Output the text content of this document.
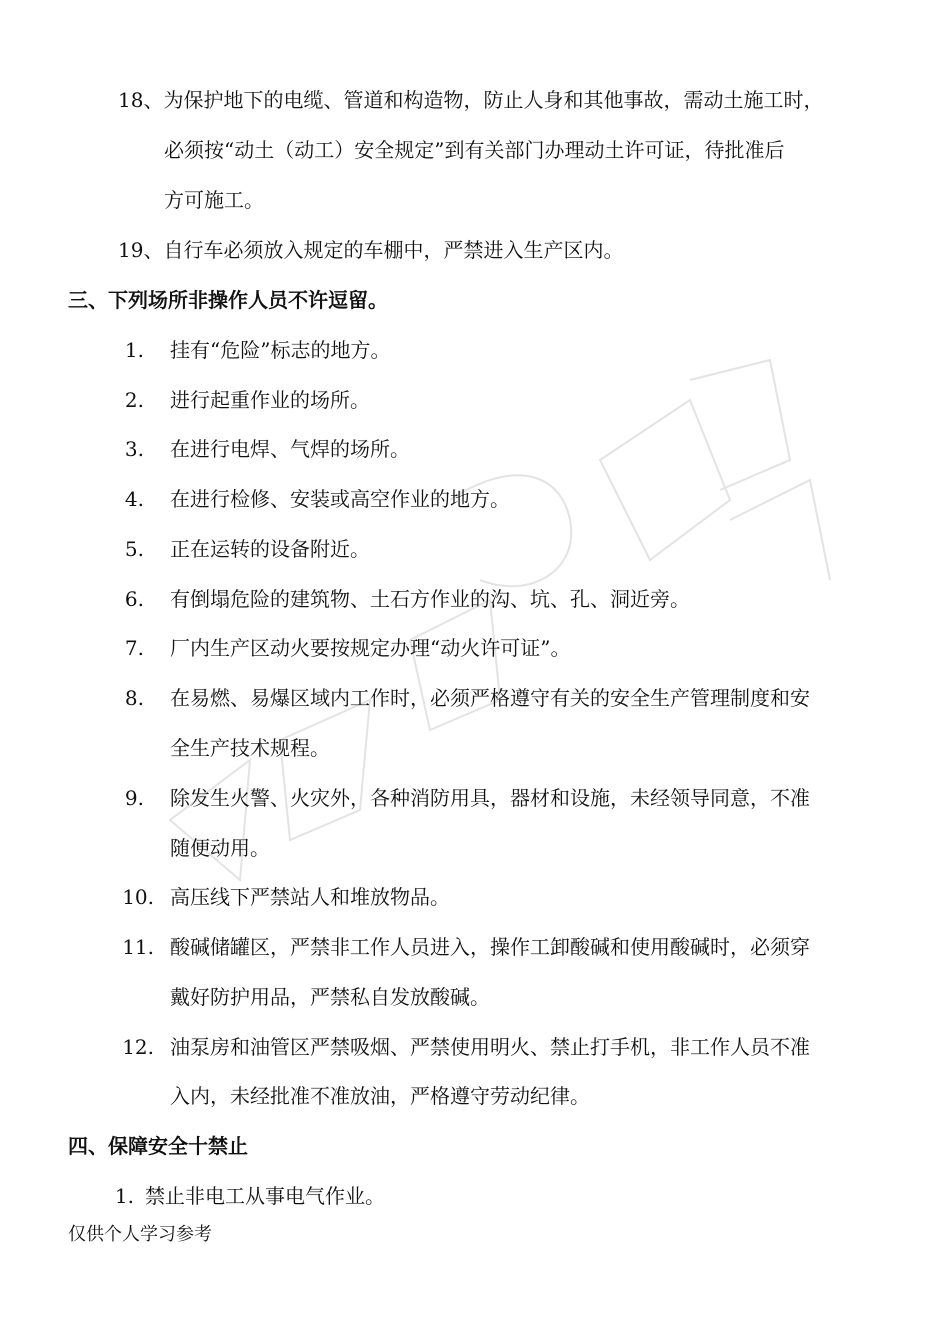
18、为保护地下的电缆、管道和构造物，防止人身和其他事故，需动土施工时，
必须按“动土（动工）安全规定”到有关部门办理动土许可证，待批准后
方可施工。
19、自行车必须放入规定的车棚中，严禁进入生产区内。
三、下列场所非操作人员不许逗留。
1. 挂有“危险”标志的地方。
2. 进行起重作业的场所。
3. 在进行电焊、气焊的场所。
4. 在进行检修、安装或高空作业的地方。
5. 正在运转的设备附近。
6. 有倒塌危险的建筑物、土石方作业的沟、坑、孔、洞近旁。
7. 厂内生产区动火要按规定办理“动火许可证”。
8. 在易燃、易爆区域内工作时，必须严格遵守有关的安全生产管理制度和安
全生产技术规程。
9. 除发生火警、火灾外，各种消防用具，器材和设施，未经领导同意，不准
随便动用。
10. 高压线下严禁站人和堆放物品。
11. 酸碱储罐区，严禁非工作人员进入，操作工卸酸碱和使用酸碱时，必须穿
戴好防护用品，严禁私自发放酸碱。
12. 油泵房和油管区严禁吸烟、严禁使用明火、禁止打手机，非工作人员不准
入内，未经批准不准放油，严格遵守劳动纪律。
四、保障安全十禁止
1. 禁止非电工从事电气作业。
仅供个人学习参考
